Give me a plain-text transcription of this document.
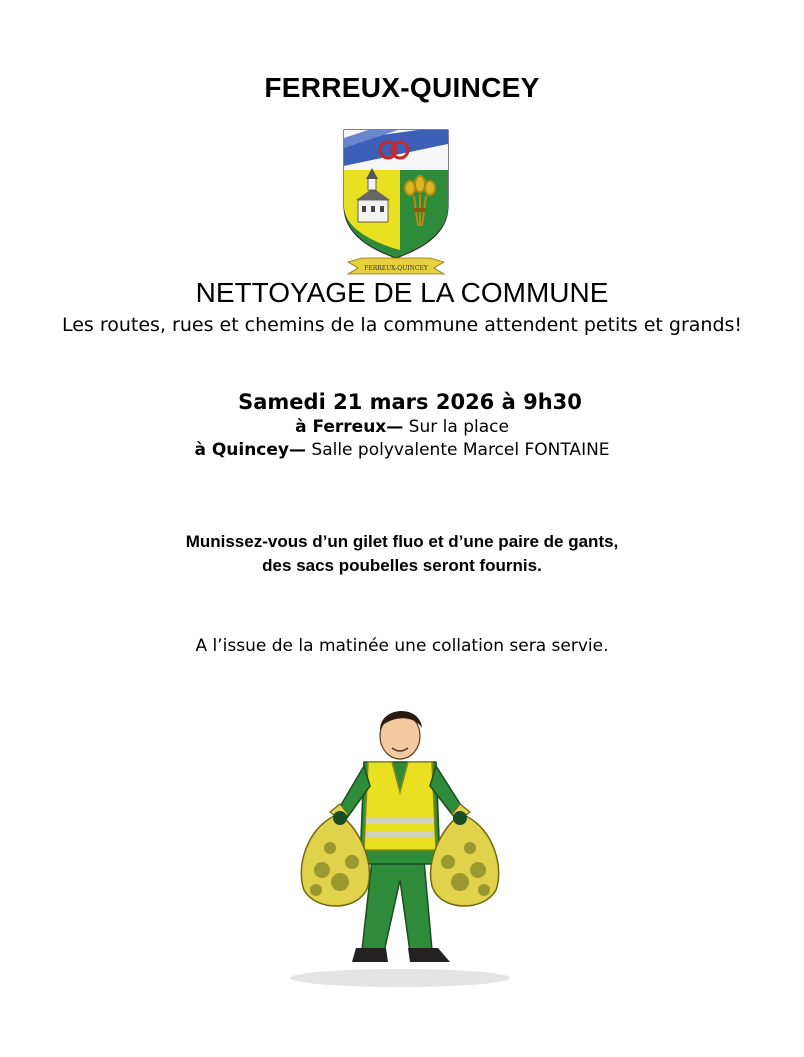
FERREUX-QUINCEY
FERREUX-QUINCEY
NETTOYAGE DE LA COMMUNE
Les routes, rues et chemins de la commune attendent petits et grands!
Samedi 21 mars 2026 à 9h30
à Ferreux— Sur la place
à Quincey— Salle polyvalente Marcel FONTAINE
Munissez-vous d’un gilet fluo et d’une paire de gants,
des sacs poubelles seront fournis.
A l’issue de la matinée une collation sera servie.
